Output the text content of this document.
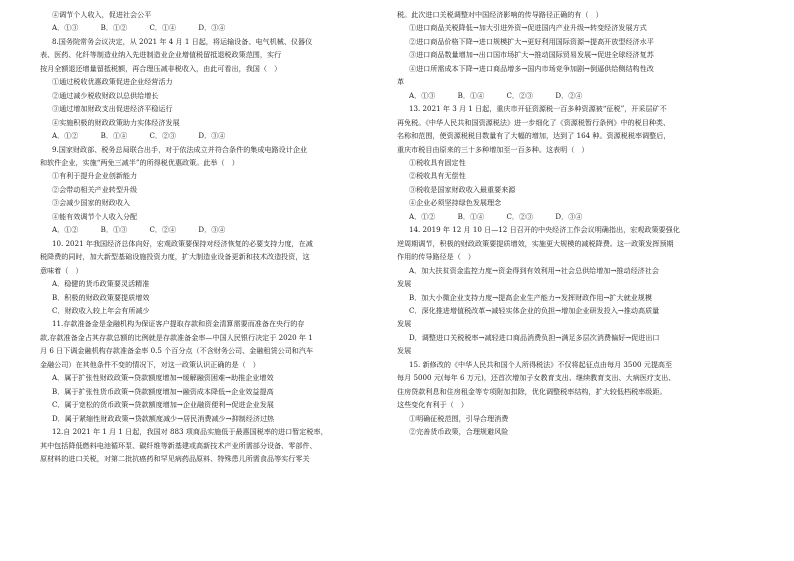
④调节个人收入，促进社会公平
A．①③	B．①②	C．①④	D．③④
8.国务院常务会议决定，从 2021 年 4 月 1 日起，将运输设备、电气机械、仪器仪
表、医药、化纤等制造业纳入先进制造业企业增值税留抵退税政策范围，实行
按月全额退还增量留抵税额，再合理压减非税收入，由此可看出，我国（　）
①通过税收优惠政策促进企业经营活力
②通过减少税收财政以总供给增长
③通过增加财政支出促进经济平稳运行
④实施积极的财政政策助力实体经济发展
A．①②	B．①④	C．②③	D．③④
9.国家财政部、税务总局联合出手，对于依法成立并符合条件的集成电路设计企业
和软件企业，实施“两免三减半”的所得税优惠政策。此举（　）
①有利于提升企业创新能力
②会带动相关产业转型升级
③会减少国家的财政收入
④能有效调节个人收入分配
A．①②	B．①③	C．②④	D．③④
10. 2021 年我国经济总体向好，宏观政策要保持对经济恢复的必要支持力度，在减
税降费的同时，加大新型基础设施投资力度，扩大制造业设备更新和技术改造投资，这
意味着（　）
A．稳健的货币政策要灵活精准
B．积极的财政政策要提质增效
C．财政收入较上年会有所减少
11.存款准备金是金融机构为保证客户提取存款和资金清算需要而准备在央行的存
款,存款准备金占其存款总额的比例就是存款准备金率—中国人民银行决定于 2020 年 1
月 6 日下调金融机构存款准备金率 0.5 个百分点（不含财务公司、金融租赁公司和汽车
金融公司）在其他条件不变的情况下，对这一政策认识正确的是（　）
A．属于扩张性财政政策→贷款额度增加→缓解融资困难→助推企业增效
B．属于扩张性货币政策→贷款额度增加→融资成本降低→企业效益提高
C．属于宽松的货币政策→贷款额度增加→企业融资便利→促进企业发展
D．属于紧缩性财政政策→贷款额度减少→居民消费减少→抑制经济过热
12.自 2021 年 1 月 1 日起，我国对 883 项商品实施低于最惠国税率的进口暂定税率，
其中包括降低燃料电池循环泵、碳纤维等新基建或高新技术产业所需部分设备、零部件、
原材料的进口关税，对第二批抗癌药和罕见病药品原料、特殊患儿所需食品等实行零关
税。此次进口关税调整对中国经济影响的传导路径正确的有（　）
①进口商品关税降低→加大引进外资→促进国内产业升级→转变经济发展方式
②进口商品价格下降→进口规模扩大→更好利用国际资源→提高开放型经济水平
③进口商品数量增加→出口国市场扩大→推动国际贸易发展→促进全球经济复苏
④进口所需成本下降→进口商品增多→国内市场竞争加剧→倒逼供给侧结构性改
革
A．①③	B．①④	C．②③	D．②④
13. 2021 年 3 月 1 日起，重庆市开征资源税一百多种资源被“征税”，开采层矿不
再免税。《中华人民共和国资源税法》进一步细化了《资源税暂行条例》中的税目种类、
名称和范围，使资源税税目数量有了大幅的增加，达到了 164 种。资源税税率调整后，
重庆市税目由原来的三十多种增加至一百多种。这表明（　）
①税收具有固定性
②税收具有无偿性
③税收是国家财政收入最重要来源
④企业必须坚持绿色发展理念
A．①②	B．①④	C．②③	D．③④
14. 2019 年 12 月 10 日—12 日召开的中央经济工作会议明确指出，宏观政策要强化
逆周期调节，积极的财政政策要提质增效，实施更大规模的减税降费。这一政策发挥预期
作用的传导路径是（　）
A．加大扶贫资金监控力度→资金得到有效利用→社会总供给增加→推动经济社会
发展
B．加大小微企业支持力度→提高企业生产能力→发挥财政作用→扩大就业规模
C．深化推进增值税改革→减轻实体企业的负担→增加企业研发投入→推动高质量
发展
D．调整进口关税税率→减轻进口商品消费负担→满足多层次消费偏好→促进出口
发展
15. 新修改的《中华人民共和国个人所得税法》不仅将起征点由每月 3500 元提高至
每月 5000 元(每年 6 万元)，还首次增加子女教育支出、继续教育支出、大病医疗支出、
住房贷款利息和住房租金等专项附加扣除，优化调整税率结构，扩大较低档税率级距。
这些变化有利于（　）
①明确征税范围，引导合理消费
②完善货币政策，合理规避风险
